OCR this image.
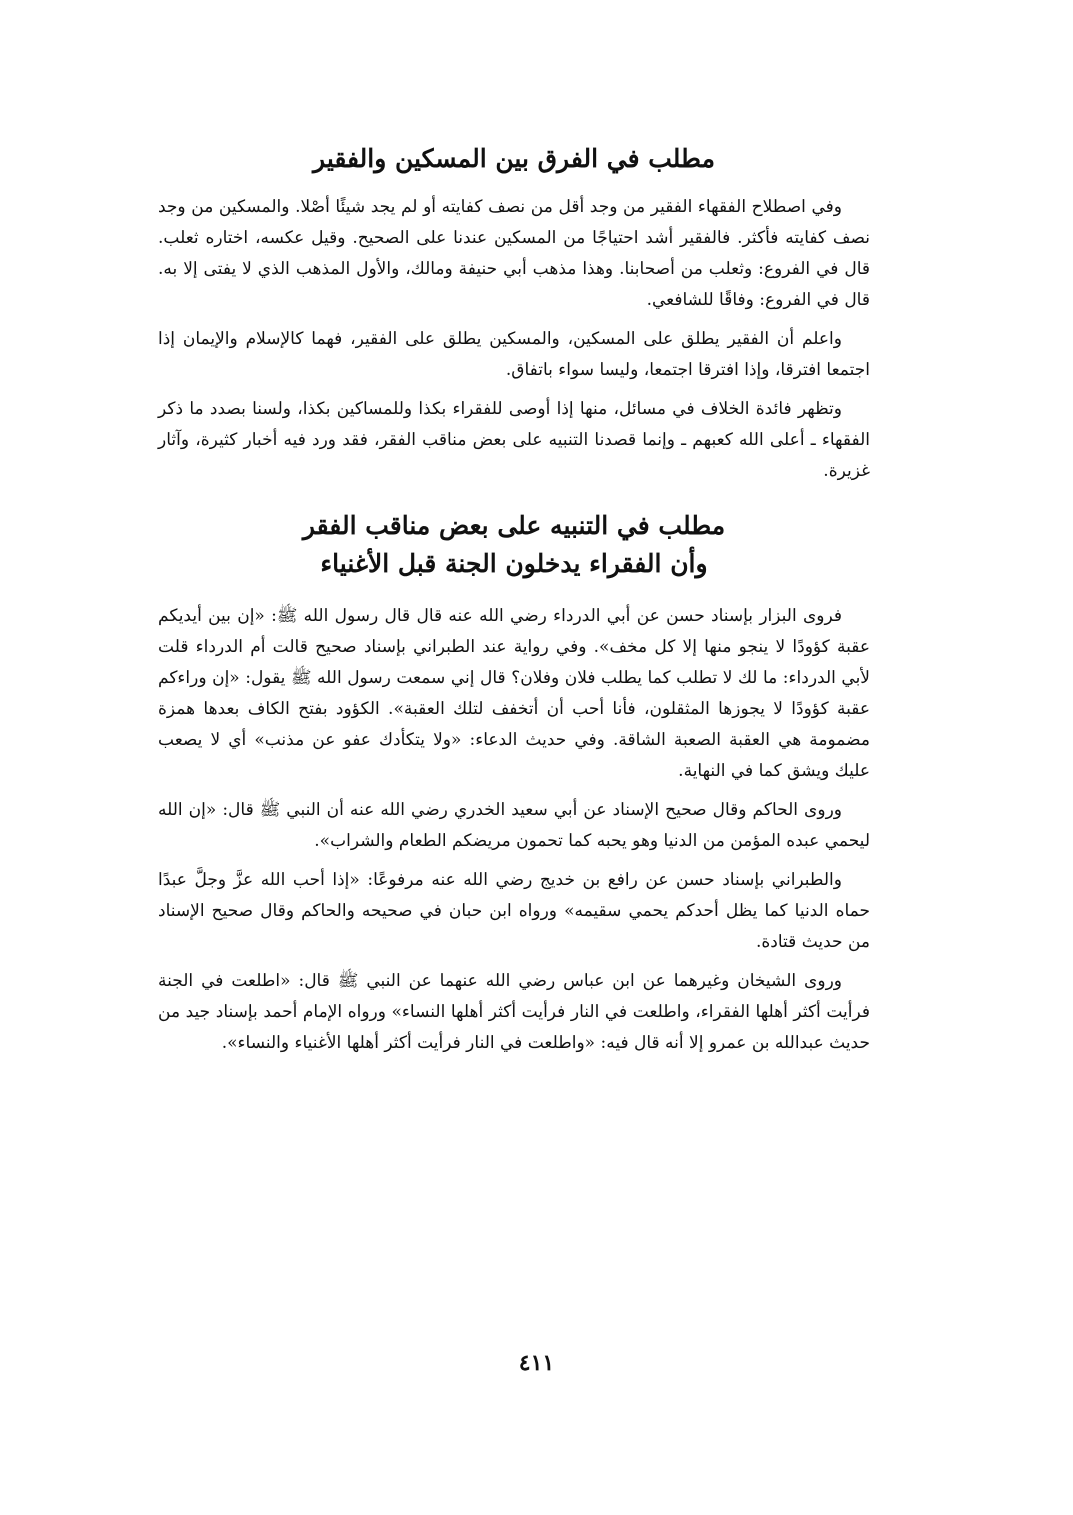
مطلب في الفرق بين المسكين والفقير

وفي اصطلاح الفقهاء الفقير من وجد أقل من نصف كفايته أو لم يجد شيئًا أصْلا. والمسكين من وجد نصف كفايته فأكثر. فالفقير أشد احتياجًا من المسكين عندنا على الصحيح. وقيل عكسه، اختاره ثعلب. قال في الفروع: وثعلب من أصحابنا. وهذا مذهب أبي حنيفة ومالك، والأول المذهب الذي لا يفتى إلا به. قال في الفروع: وفاقًا للشافعي.

واعلم أن الفقير يطلق على المسكين، والمسكين يطلق على الفقير، فهما كالإسلام والإيمان إذا اجتمعا افترقا، وإذا افترقا اجتمعا، وليسا سواء باتفاق.

وتظهر فائدة الخلاف في مسائل، منها إذا أوصى للفقراء بكذا وللمساكين بكذا، ولسنا بصدد ما ذكر الفقهاء ـ أعلى الله كعبهم ـ وإنما قصدنا التنبيه على بعض مناقب الفقر، فقد ورد فيه أخبار كثيرة، وآثار غزيرة.

مطلب في التنبيه على بعض مناقب الفقر
وأن الفقراء يدخلون الجنة قبل الأغنياء

فروى البزار بإسناد حسن عن أبي الدرداء رضي الله عنه قال قال رسول الله ﷺ: «إن بين أيديكم عقبة كؤودًا لا ينجو منها إلا كل مخف». وفي رواية عند الطبراني بإسناد صحيح قالت أم الدرداء قلت لأبي الدرداء: ما لك لا تطلب كما يطلب فلان وفلان؟ قال إني سمعت رسول الله ﷺ يقول: «إن وراءكم عقبة كؤودًا لا يجوزها المثقلون، فأنا أحب أن أتخفف لتلك العقبة». الكؤود بفتح الكاف بعدها همزة مضمومة هي العقبة الصعبة الشاقة. وفي حديث الدعاء: «ولا يتكأدك عفو عن مذنب» أي لا يصعب عليك ويشق كما في النهاية.

وروى الحاكم وقال صحيح الإسناد عن أبي سعيد الخدري رضي الله عنه أن النبي ﷺ قال: «إن الله ليحمي عبده المؤمن من الدنيا وهو يحبه كما تحمون مريضكم الطعام والشراب».

والطبراني بإسناد حسن عن رافع بن خديج رضي الله عنه مرفوعًا: «إذا أحب الله عزَّ وجلَّ عبدًا حماه الدنيا كما يظل أحدكم يحمي سقيمه» ورواه ابن حبان في صحيحه والحاكم وقال صحيح الإسناد من حديث قتادة.

وروى الشيخان وغيرهما عن ابن عباس رضي الله عنهما عن النبي ﷺ قال: «اطلعت في الجنة فرأيت أكثر أهلها الفقراء، واطلعت في النار فرأيت أكثر أهلها النساء» ورواه الإمام أحمد بإسناد جيد من حديث عبدالله بن عمرو إلا أنه قال فيه: «واطلعت في النار فرأيت أكثر أهلها الأغنياء والنساء».

٤١١
